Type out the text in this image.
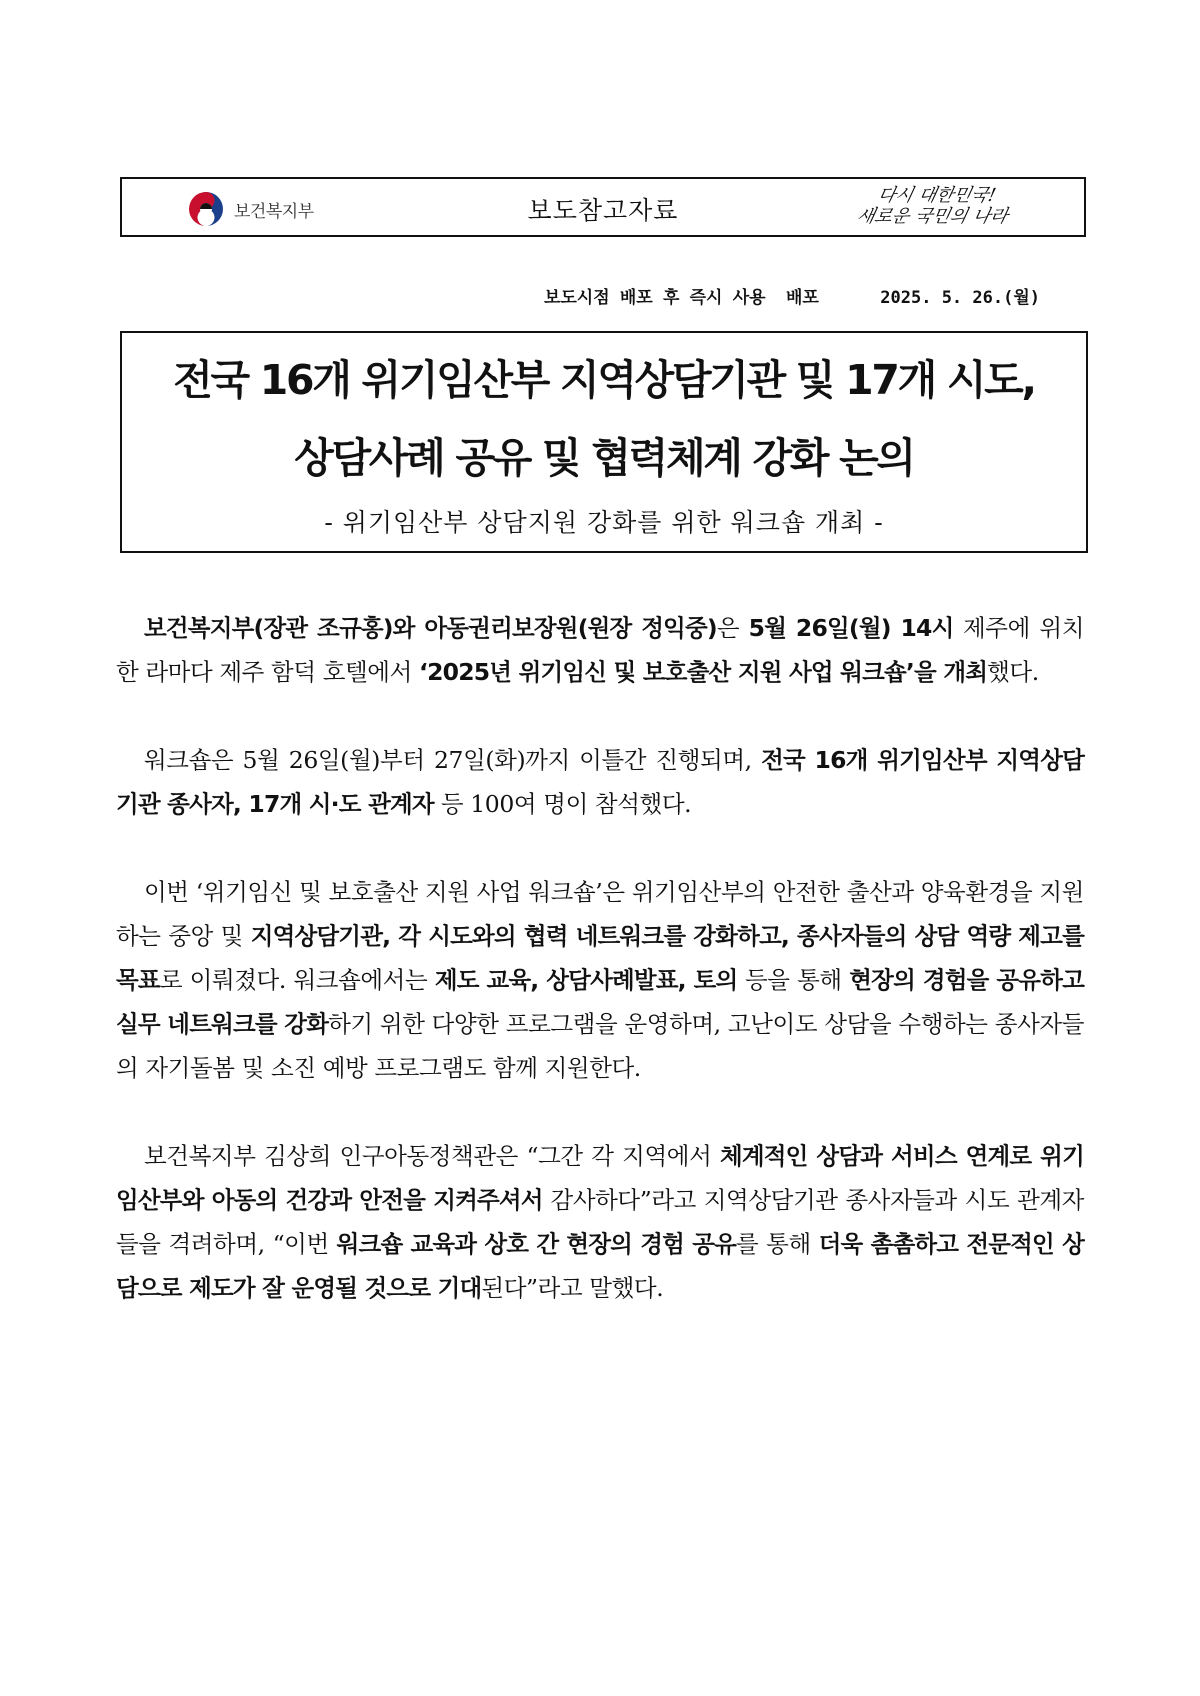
보건복지부	보도참고자료
다시 대한민국!
새로운 국민의 나라
보도시점 배포 후 즉시 사용  배포	2025. 5. 26.(월)
전국 16개 위기임산부 지역상담기관 및 17개 시도,
상담사례 공유 및 협력체계 강화 논의
- 위기임산부 상담지원 강화를 위한 워크숍 개최 -

보건복지부(장관 조규홍)와 아동권리보장원(원장 정익중)은 5월 26일(월) 14시 제주에 위치한 라마다 제주 함덕 호텔에서 ‘2025년 위기임신 및 보호출산 지원 사업 워크숍’을 개최했다.

워크숍은 5월 26일(월)부터 27일(화)까지 이틀간 진행되며, 전국 16개 위기임산부 지역상담기관 종사자, 17개 시·도 관계자 등 100여 명이 참석했다.

이번 ‘위기임신 및 보호출산 지원 사업 워크숍’은 위기임산부의 안전한 출산과 양육환경을 지원하는 중앙 및 지역상담기관, 각 시도와의 협력 네트워크를 강화하고, 종사자들의 상담 역량 제고를 목표로 이뤄졌다. 워크숍에서는 제도 교육, 상담사례발표, 토의 등을 통해 현장의 경험을 공유하고 실무 네트워크를 강화하기 위한 다양한 프로그램을 운영하며, 고난이도 상담을 수행하는 종사자들의 자기돌봄 및 소진 예방 프로그램도 함께 지원한다.

보건복지부 김상희 인구아동정책관은 “그간 각 지역에서 체계적인 상담과 서비스 연계로 위기임산부와 아동의 건강과 안전을 지켜주셔서 감사하다”라고 지역상담기관 종사자들과 시도 관계자들을 격려하며, “이번 워크숍 교육과 상호 간 현장의 경험 공유를 통해 더욱 촘촘하고 전문적인 상담으로 제도가 잘 운영될 것으로 기대된다”라고 말했다.
